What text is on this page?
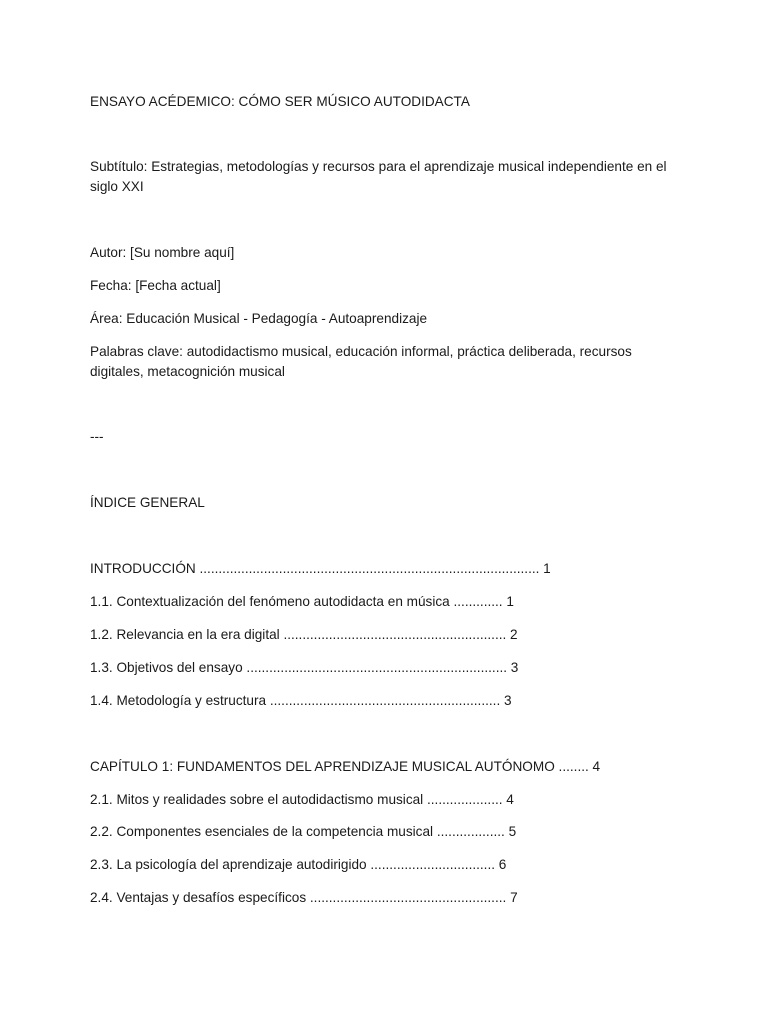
ENSAYO ACÉDEMICO: CÓMO SER MÚSICO AUTODIDACTA
Subtítulo: Estrategias, metodologías y recursos para el aprendizaje musical independiente en el siglo XXI
Autor: [Su nombre aquí]
Fecha: [Fecha actual]
Área: Educación Musical - Pedagogía - Autoaprendizaje
Palabras clave: autodidactismo musical, educación informal, práctica deliberada, recursos digitales, metacognición musical
---
ÍNDICE GENERAL
INTRODUCCIÓN .......................................................................................... 1
1.1. Contextualización del fenómeno autodidacta en música ............. 1
1.2. Relevancia en la era digital ........................................................... 2
1.3. Objetivos del ensayo ..................................................................... 3
1.4. Metodología y estructura ............................................................. 3
CAPÍTULO 1: FUNDAMENTOS DEL APRENDIZAJE MUSICAL AUTÓNOMO ........ 4
2.1. Mitos y realidades sobre el autodidactismo musical .................... 4
2.2. Componentes esenciales de la competencia musical .................. 5
2.3. La psicología del aprendizaje autodirigido ................................. 6
2.4. Ventajas y desafíos específicos .................................................... 7
